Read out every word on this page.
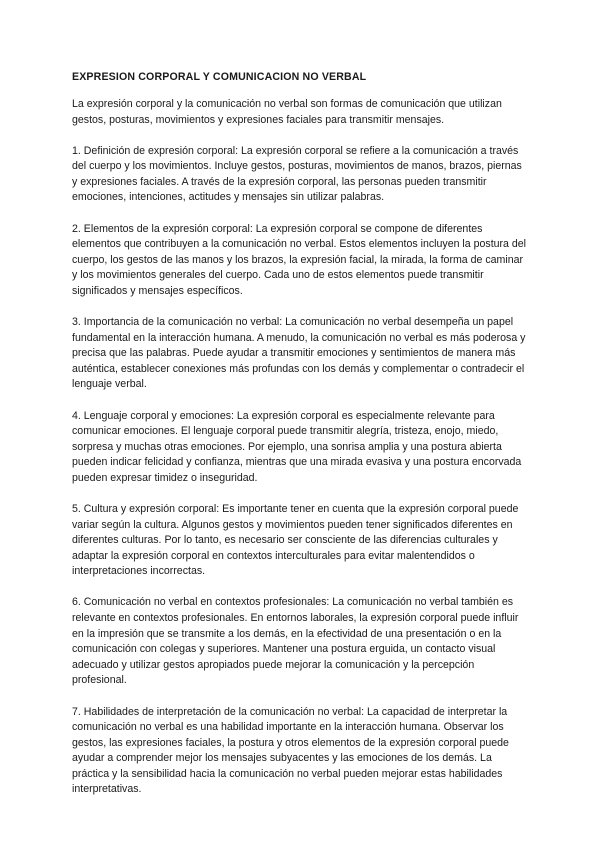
EXPRESION CORPORAL Y COMUNICACION NO VERBAL

La expresión corporal y la comunicación no verbal son formas de comunicación que utilizan gestos, posturas, movimientos y expresiones faciales para transmitir mensajes.

1. Definición de expresión corporal: La expresión corporal se refiere a la comunicación a través del cuerpo y los movimientos. Incluye gestos, posturas, movimientos de manos, brazos, piernas y expresiones faciales. A través de la expresión corporal, las personas pueden transmitir emociones, intenciones, actitudes y mensajes sin utilizar palabras.

2. Elementos de la expresión corporal: La expresión corporal se compone de diferentes elementos que contribuyen a la comunicación no verbal. Estos elementos incluyen la postura del cuerpo, los gestos de las manos y los brazos, la expresión facial, la mirada, la forma de caminar y los movimientos generales del cuerpo. Cada uno de estos elementos puede transmitir significados y mensajes específicos.

3. Importancia de la comunicación no verbal: La comunicación no verbal desempeña un papel fundamental en la interacción humana. A menudo, la comunicación no verbal es más poderosa y precisa que las palabras. Puede ayudar a transmitir emociones y sentimientos de manera más auténtica, establecer conexiones más profundas con los demás y complementar o contradecir el lenguaje verbal.

4. Lenguaje corporal y emociones: La expresión corporal es especialmente relevante para comunicar emociones. El lenguaje corporal puede transmitir alegría, tristeza, enojo, miedo, sorpresa y muchas otras emociones. Por ejemplo, una sonrisa amplia y una postura abierta pueden indicar felicidad y confianza, mientras que una mirada evasiva y una postura encorvada pueden expresar timidez o inseguridad.

5. Cultura y expresión corporal: Es importante tener en cuenta que la expresión corporal puede variar según la cultura. Algunos gestos y movimientos pueden tener significados diferentes en diferentes culturas. Por lo tanto, es necesario ser consciente de las diferencias culturales y adaptar la expresión corporal en contextos interculturales para evitar malentendidos o interpretaciones incorrectas.

6. Comunicación no verbal en contextos profesionales: La comunicación no verbal también es relevante en contextos profesionales. En entornos laborales, la expresión corporal puede influir en la impresión que se transmite a los demás, en la efectividad de una presentación o en la comunicación con colegas y superiores. Mantener una postura erguida, un contacto visual adecuado y utilizar gestos apropiados puede mejorar la comunicación y la percepción profesional.

7. Habilidades de interpretación de la comunicación no verbal: La capacidad de interpretar la comunicación no verbal es una habilidad importante en la interacción humana. Observar los gestos, las expresiones faciales, la postura y otros elementos de la expresión corporal puede ayudar a comprender mejor los mensajes subyacentes y las emociones de los demás. La práctica y la sensibilidad hacia la comunicación no verbal pueden mejorar estas habilidades interpretativas.
